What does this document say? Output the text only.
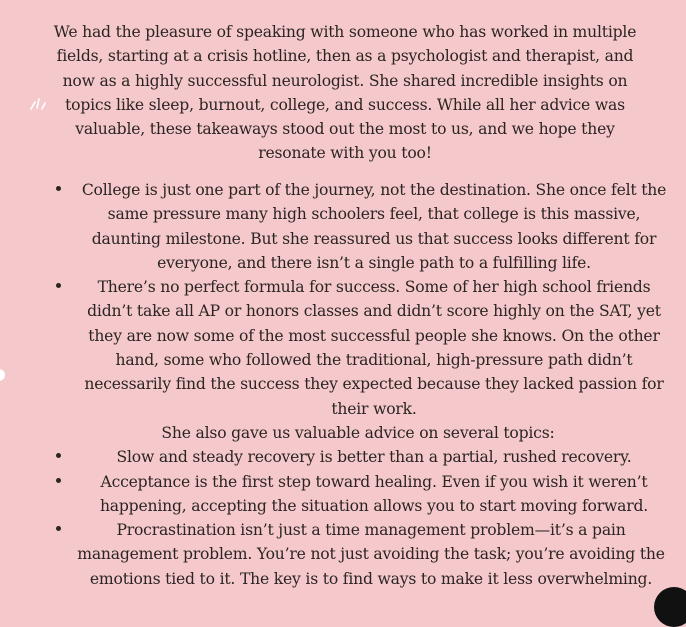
We had the pleasure of speaking with someone who has worked in multiple fields, starting at a crisis hotline, then as a psychologist and therapist, and now as a highly successful neurologist. She shared incredible insights on topics like sleep, burnout, college, and success. While all her advice was valuable, these takeaways stood out the most to us, and we hope they resonate with you too!

College is just one part of the journey, not the destination. She once felt the same pressure many high schoolers feel, that college is this massive, daunting milestone. But she reassured us that success looks different for everyone, and there isn’t a single path to a fulfilling life.
There’s no perfect formula for success. Some of her high school friends didn’t take all AP or honors classes and didn’t score highly on the SAT, yet they are now some of the most successful people she knows. On the other hand, some who followed the traditional, high-pressure path didn’t necessarily find the success they expected because they lacked passion for their work.

She also gave us valuable advice on several topics:

Slow and steady recovery is better than a partial, rushed recovery.
Acceptance is the first step toward healing. Even if you wish it weren’t happening, accepting the situation allows you to start moving forward.
Procrastination isn’t just a time management problem—it’s a pain management problem. You’re not just avoiding the task; you’re avoiding the emotions tied to it. The key is to find ways to make it less overwhelming.
